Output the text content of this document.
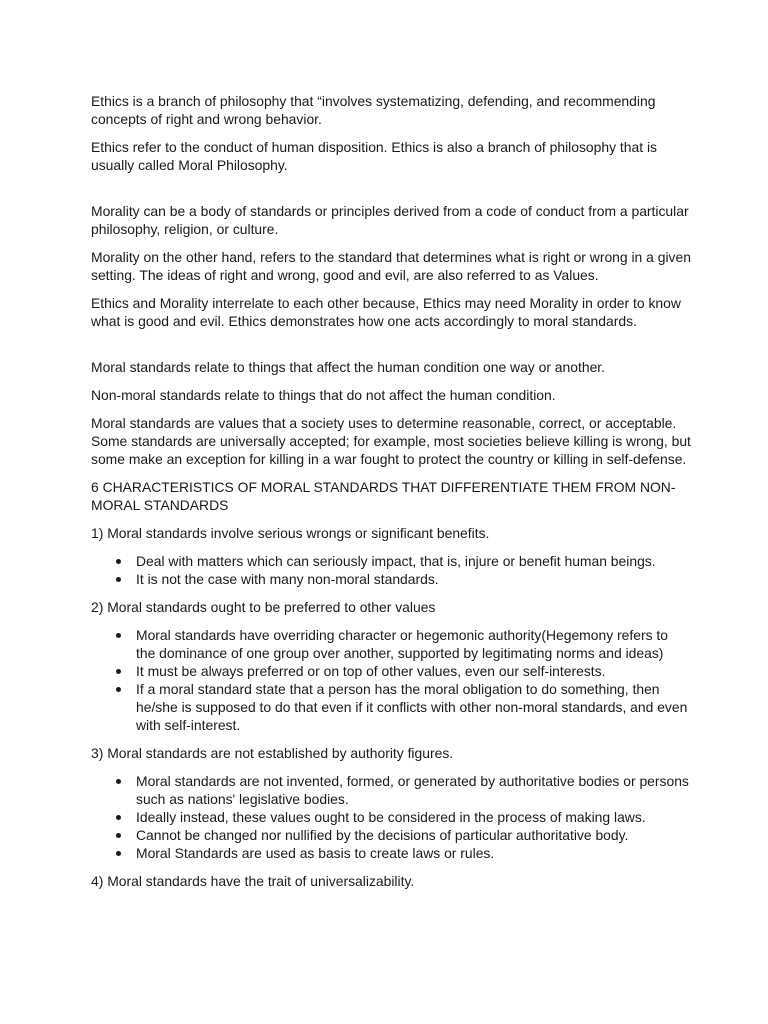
Ethics is a branch of philosophy that “involves systematizing, defending, and recommending concepts of right and wrong behavior.

Ethics refer to the conduct of human disposition. Ethics is also a branch of philosophy that is usually called Moral Philosophy.

Morality can be a body of standards or principles derived from a code of conduct from a particular philosophy, religion, or culture.

Morality on the other hand, refers to the standard that determines what is right or wrong in a given setting. The ideas of right and wrong, good and evil, are also referred to as Values.

Ethics and Morality interrelate to each other because, Ethics may need Morality in order to know what is good and evil. Ethics demonstrates how one acts accordingly to moral standards.

Moral standards relate to things that affect the human condition one way or another.

Non-moral standards relate to things that do not affect the human condition.

Moral standards are values that a society uses to determine reasonable, correct, or acceptable. Some standards are universally accepted; for example, most societies believe killing is wrong, but some make an exception for killing in a war fought to protect the country or killing in self-defense.

6 CHARACTERISTICS OF MORAL STANDARDS THAT DIFFERENTIATE THEM FROM NON-MORAL STANDARDS

1) Moral standards involve serious wrongs or significant benefits.

Deal with matters which can seriously impact, that is, injure or benefit human beings.
It is not the case with many non-moral standards.

2) Moral standards ought to be preferred to other values

Moral standards have overriding character or hegemonic authority(Hegemony refers to the dominance of one group over another, supported by legitimating norms and ideas)
It must be always preferred or on top of other values, even our self-interests.
If a moral standard state that a person has the moral obligation to do something, then he/she is supposed to do that even if it conflicts with other non-moral standards, and even with self-interest.

3) Moral standards are not established by authority figures.

Moral standards are not invented, formed, or generated by authoritative bodies or persons such as nations' legislative bodies.
Ideally instead, these values ought to be considered in the process of making laws.
Cannot be changed nor nullified by the decisions of particular authoritative body.
Moral Standards are used as basis to create laws or rules.

4) Moral standards have the trait of universalizability.
